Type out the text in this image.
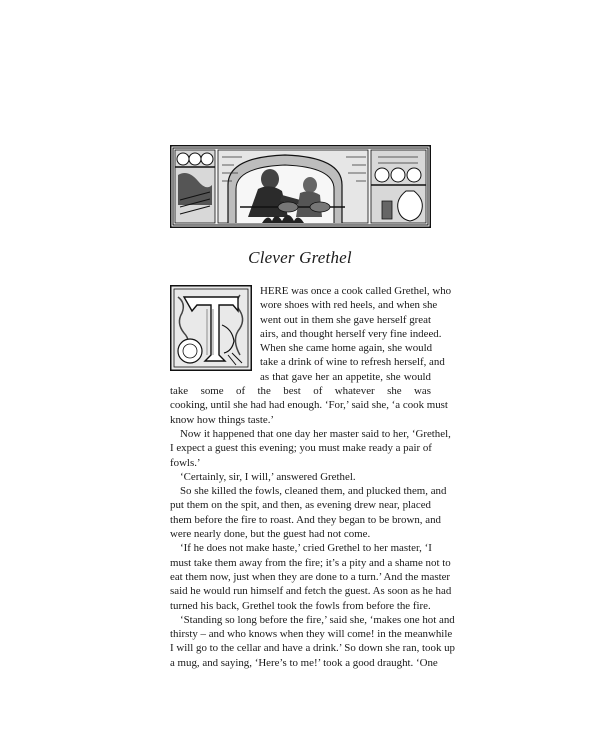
Clever Grethel
HERE was once a cook called Grethel, who
wore shoes with red heels, and when she
went out in them she gave herself great
airs, and thought herself very fine indeed.
When she came home again, she would
take a drink of wine to refresh herself, and
as that gave her an appetite, she would
take some of the best of whatever she was
cooking, until she had had enough. ‘For,’ said she, ‘a cook must
know how things taste.’
Now it happened that one day her master said to her, ‘Grethel,
I expect a guest this evening; you must make ready a pair of
fowls.’
‘Certainly, sir, I will,’ answered Grethel.
So she killed the fowls, cleaned them, and plucked them, and
put them on the spit, and then, as evening drew near, placed
them before the fire to roast. And they began to be brown, and
were nearly done, but the guest had not come.
‘If he does not make haste,’ cried Grethel to her master, ‘I
must take them away from the fire; it’s a pity and a shame not to
eat them now, just when they are done to a turn.’ And the master
said he would run himself and fetch the guest. As soon as he had
turned his back, Grethel took the fowls from before the fire.
‘Standing so long before the fire,’ said she, ‘makes one hot and
thirsty – and who knows when they will come! in the meanwhile
I will go to the cellar and have a drink.’ So down she ran, took up
a mug, and saying, ‘Here’s to me!’ took a good draught. ‘One
